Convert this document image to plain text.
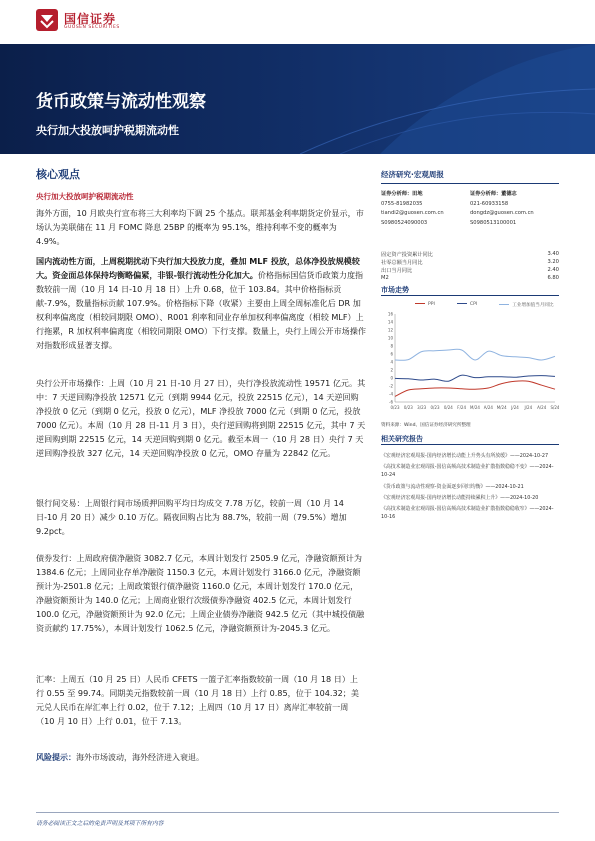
国信证券
GUOSEN SECURITIES
货币政策与流动性观察
央行加大投放呵护税期流动性
核心观点
央行加大投放呵护税期流动性

海外方面，10 月欧央行宣布将三大利率均下调 25 个基点。联邦基金利率期货定价显示，市场认为美联储在 11 月 FOMC 降息 25BP 的概率为 95.1%，维持利率不变的概率为 4.9%。

国内流动性方面，上周税期扰动下央行加大投放力度，叠加 MLF 投放，总体净投放规模较大。资金面总体保持均衡略偏紧，非银-银行流动性分化加大。价格指标国信货币政策力度指数较前一周（10 月 14 日-10 月 18 日）上升 0.68，位于 103.84。其中价格指标贡献-7.9%，数量指标贡献 107.9%。价格指标下降（收紧）主要由上周全周标准化后 DR 加权利率偏离度（相较同期限 OMO）、R001 利率和同业存单加权利率偏离度（相较 MLF）上行拖累，R 加权利率偏离度（相较同期限 OMO）下行支撑。数量上，央行上周公开市场操作对指数形成显著支撑。

央行公开市场操作：上周（10 月 21 日-10 月 27 日），央行净投放流动性 19571 亿元。其中：7 天逆回购净投放 12571 亿元（到期 9944 亿元，投放 22515 亿元），14 天逆回购净投放 0 亿元（到期 0 亿元，投放 0 亿元），MLF 净投放 7000 亿元（到期 0 亿元，投放 7000 亿元）。本周（10 月 28 日-11 月 3 日），央行逆回购将到期 22515 亿元，其中 7 天逆回购到期 22515 亿元，14 天逆回购到期 0 亿元。截至本周一（10 月 28 日）央行 7 天逆回购净投放 327 亿元，14 天逆回购净投放 0 亿元，OMO 存量为 22842 亿元。

银行间交易：上周银行间市场质押回购平均日均成交 7.78 万亿，较前一周（10 月 14 日-10 月 20 日）减少 0.10 万亿。隔夜回购占比为 88.7%，较前一周（79.5%）增加 9.2pct。

债券发行：上周政府债净融资 3082.7 亿元，本周计划发行 2505.9 亿元，净融资额预计为 1384.6 亿元；上周同业存单净融资 1150.3 亿元，本周计划发行 3166.0 亿元，净融资额预计为-2501.8 亿元；上周政策银行债净融资 1160.0 亿元，本周计划发行 170.0 亿元，净融资额预计为 140.0 亿元；上周商业银行次级债券净融资 402.5 亿元，本周计划发行 100.0 亿元，净融资额预计为 92.0 亿元；上周企业债券净融资 942.5 亿元（其中城投债融资贡献约 17.75%），本周计划发行 1062.5 亿元，净融资额预计为-2045.3 亿元。

汇率：上周五（10 月 25 日）人民币 CFETS 一篮子汇率指数较前一周（10 月 18 日）上行 0.55 至 99.74。同期美元指数较前一周（10 月 18 日）上行 0.85，位于 104.32；美元兑人民币在岸汇率上行 0.02，位于 7.12；上周四（10 月 17 日）离岸汇率较前一周（10 月 10 日）上行 0.01，位于 7.13。

风险提示：海外市场波动，海外经济进入衰退。
经济研究·宏观周报
证券分析师：田地
0755-81982035
tiandi2@guosen.com.cn
S0980524090003
证券分析师：董德志
021-60933158
dongdz@guosen.com.cn
S0980513100001
固定资产投资累计同比	3.40
社零总额当月同比	3.20
出口当月同比	2.40
M2	6.80
市场走势
PPI	CPI	工业增加值当月同比
-6
-4
-2
0
2
4
6
8
10
12
14
16
0/23 0/23 3/23 0/23 0/24 F/24 M/24 A/24 M/24 J/24 J/24 A/24 S/24
资料来源：Wind、国信证券经济研究所整理
相关研究报告
《宏观经济宏观周报-国内经济增长动能上升势头有所放缓》——2024-10-27
《高技术制造业宏观周报-国信高频高技术制造业扩散指数稳稳不变》——2024-10-24
《货币政策与流动性观察-资金面逐步回归均衡》——2024-10-21
《宏观经济宏观周报-国内经济增长动能持续累积上升》——2024-10-20
《高技术制造业宏观周报-国信高频高技术制造业扩散指数稳稳收窄》——2024-10-16
请务必阅读正文之后的免责声明及其项下所有内容
